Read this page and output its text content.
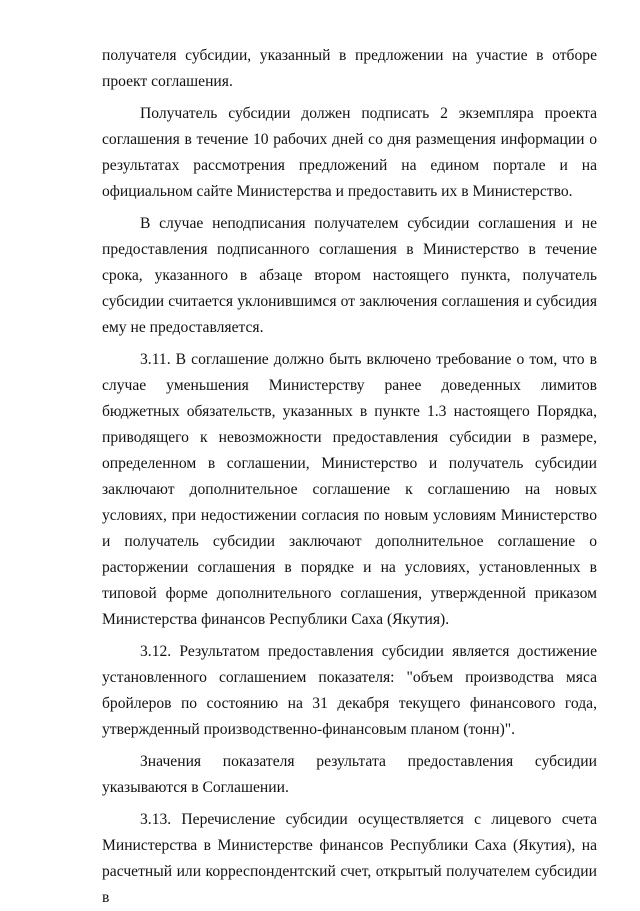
получателя субсидии, указанный в предложении на участие в отборе проект соглашения.

Получатель субсидии должен подписать 2 экземпляра проекта соглашения в течение 10 рабочих дней со дня размещения информации о результатах рассмотрения предложений на едином портале и на официальном сайте Министерства и предоставить их в Министерство.

В случае неподписания получателем субсидии соглашения и не предоставления подписанного соглашения в Министерство в течение срока, указанного в абзаце втором настоящего пункта, получатель субсидии считается уклонившимся от заключения соглашения и субсидия ему не предоставляется.

3.11. В соглашение должно быть включено требование о том, что в случае уменьшения Министерству ранее доведенных лимитов бюджетных обязательств, указанных в пункте 1.3 настоящего Порядка, приводящего к невозможности предоставления субсидии в размере, определенном в соглашении, Министерство и получатель субсидии заключают дополнительное соглашение к соглашению на новых условиях, при недостижении согласия по новым условиям Министерство и получатель субсидии заключают дополнительное соглашение о расторжении соглашения в порядке и на условиях, установленных в типовой форме дополнительного соглашения, утвержденной приказом Министерства финансов Республики Саха (Якутия).

3.12. Результатом предоставления субсидии является достижение установленного соглашением показателя: "объем производства мяса бройлеров по состоянию на 31 декабря текущего финансового года, утвержденный производственно-финансовым планом (тонн)".

Значения показателя результата предоставления субсидии указываются в Соглашении.

3.13. Перечисление субсидии осуществляется с лицевого счета Министерства в Министерстве финансов Республики Саха (Якутия), на расчетный или корреспондентский счет, открытый получателем субсидии в
